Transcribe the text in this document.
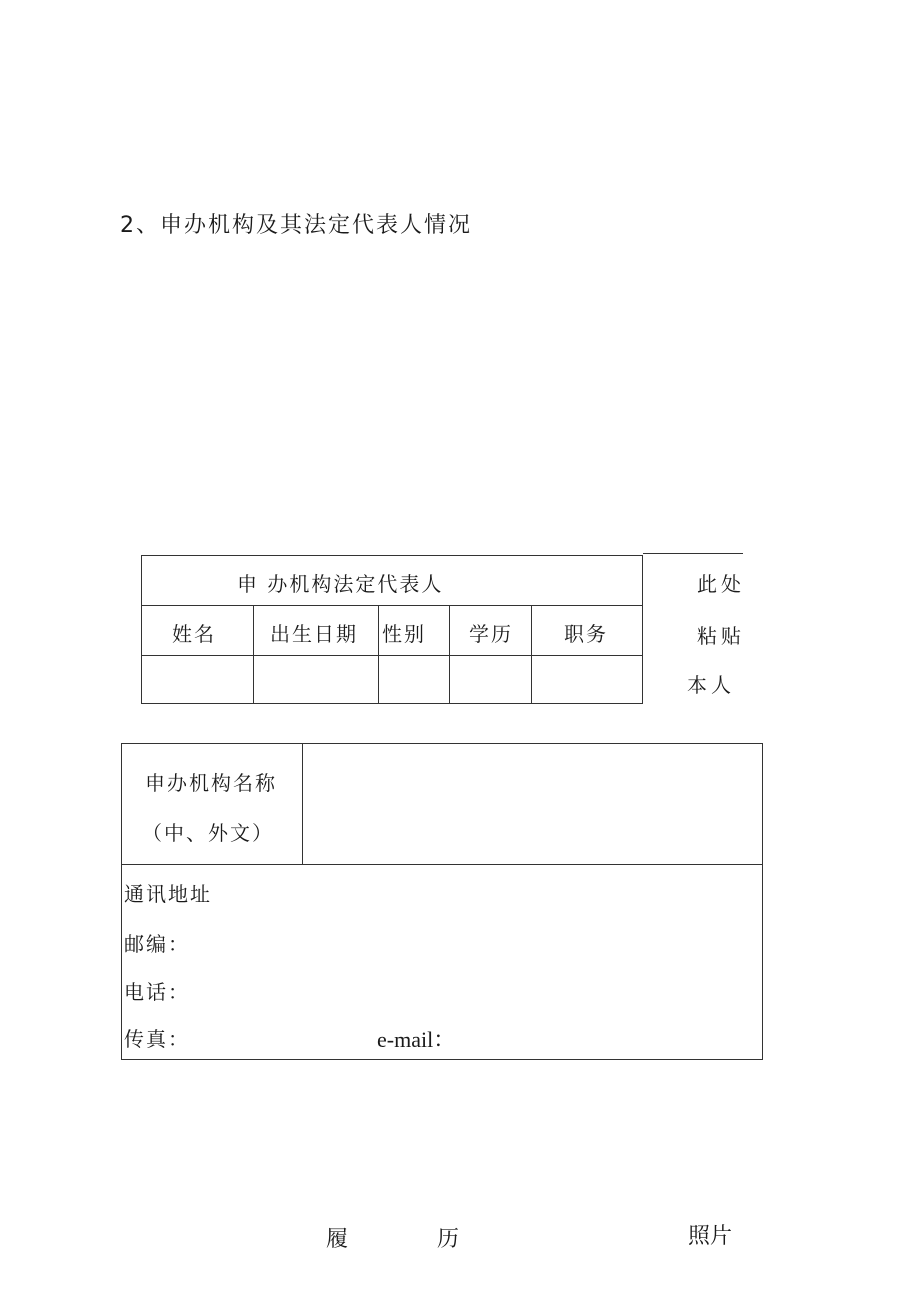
2、申办机构及其法定代表人情况
申 办机构法定代表人
姓名	出生日期 性别 学历	职务
此处
粘贴
本人
申办机构名称
（中、外文）
通讯地址
邮编：
电话：
传真：	e-mail：
履	历	照片
